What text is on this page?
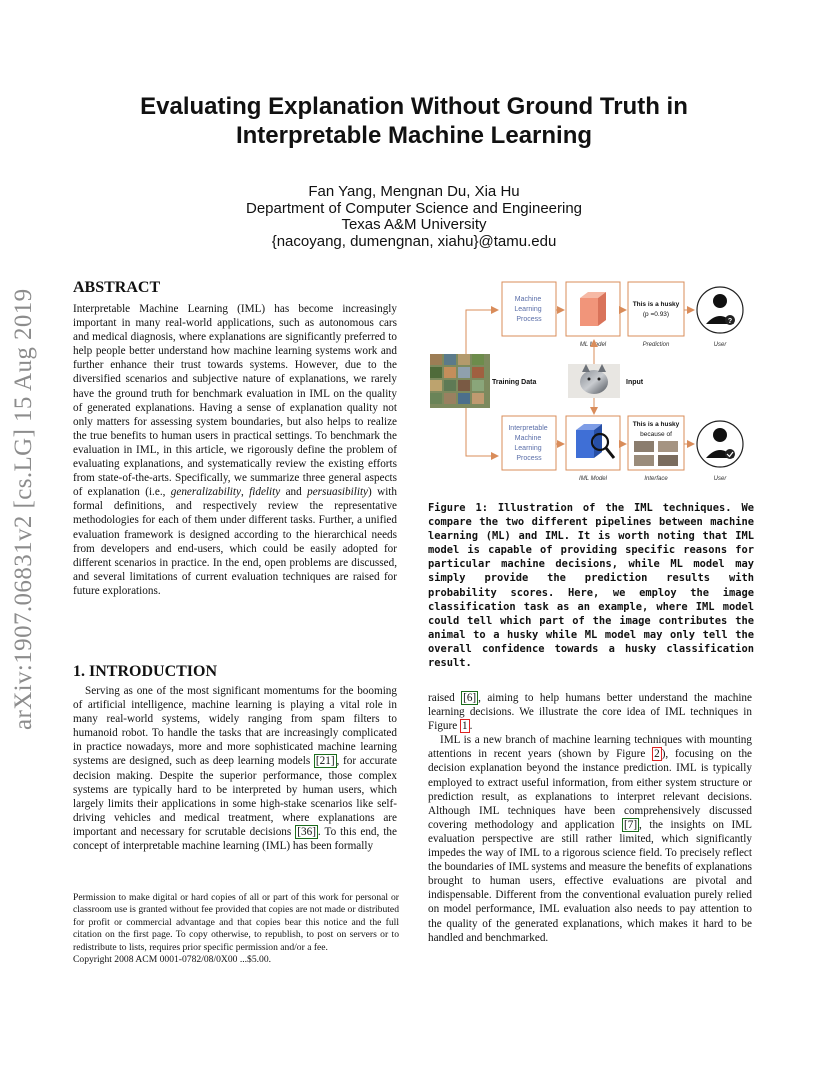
Evaluating Explanation Without Ground Truth in
Interpretable Machine Learning
Fan Yang, Mengnan Du, Xia Hu
Department of Computer Science and Engineering
Texas A&M University
{nacoyang, dumengnan, xiahu}@tamu.edu
arXiv:1907.06831v2 [cs.LG] 15 Aug 2019
ABSTRACT

Interpretable Machine Learning (IML) has become increasingly important in many real-world applications, such as autonomous cars and medical diagnosis, where explanations are significantly preferred to help people better understand how machine learning systems work and further enhance their trust towards systems. However, due to the diversified scenarios and subjective nature of explanations, we rarely have the ground truth for benchmark evaluation in IML on the quality of generated explanations. Having a sense of explanation quality not only matters for assessing system boundaries, but also helps to realize the true benefits to human users in practical settings. To benchmark the evaluation in IML, in this article, we rigorously define the problem of evaluating explanations, and systematically review the existing efforts from state-of-the-arts. Specifically, we summarize three general aspects of explanation (i.e., generalizability, fidelity and persuasibility) with formal definitions, and respectively review the representative methodologies for each of them under different tasks. Further, a unified evaluation framework is designed according to the hierarchical needs from developers and end-users, which could be easily adopted for different scenarios in practice. In the end, open problems are discussed, and several limitations of current evaluation techniques are raised for future explorations.

1. INTRODUCTION

Serving as one of the most significant momentums for the booming of artificial intelligence, machine learning is playing a vital role in many real-world systems, widely ranging from spam filters to humanoid robot. To handle the tasks that are increasingly complicated in practice nowadays, more and more sophisticated machine learning systems are designed, such as deep learning models [21] , for accurate decision making. Despite the superior performance, those complex systems are typically hard to be interpreted by human users, which largely limits their applications in some high-stake scenarios like self-driving vehicles and medical treatment, where explanations are important and necessary for scrutable decisions [36] . To this end, the concept of interpretable machine learning (IML) has been formally

Permission to make digital or hard copies of all or part of this work for personal or classroom use is granted without fee provided that copies are not made or distributed for profit or commercial advantage and that copies bear this notice and the full citation on the first page. To copy otherwise, to republish, to post on servers or to redistribute to lists, requires prior specific permission and/or a fee.

Copyright 2008 ACM 0001-0782/08/0X00 ...$5.00.

Training Data
Machine Learning Process
This is a husky
(p =0.93)
?
ML Model	Prediction	User
Input
Interpretable Machine Learning Process
This is a husky
because of
IML Model	Interface	User
Figure 1: Illustration of the IML techniques. We compare the two different pipelines between machine learning (ML) and IML. It is worth noting that IML model is capable of providing specific reasons for particular machine decisions, while ML model may simply provide the prediction results with probability scores. Here, we employ the image classification task as an example, where IML model could tell which part of the image contributes the animal to a husky while ML model may only tell the overall confidence towards a husky classification result.

raised [6] , aiming to help humans better understand the machine learning decisions. We illustrate the core idea of IML techniques in Figure 1 .

IML is a new branch of machine learning techniques with mounting attentions in recent years (shown by Figure 2 ), focusing on the decision explanation beyond the instance prediction. IML is typically employed to extract useful information, from either system structure or prediction result, as explanations to interpret relevant decisions. Although IML techniques have been comprehensively discussed covering methodology and application [7] , the insights on IML evaluation perspective are still rather limited, which significantly impedes the way of IML to a rigorous science field. To precisely reflect the boundaries of IML systems and measure the benefits of explanations brought to human users, effective evaluations are pivotal and indispensable. Different from the conventional evaluation purely relied on model performance, IML evaluation also needs to pay attention to the quality of the generated explanations, which makes it hard to be handled and benchmarked.
